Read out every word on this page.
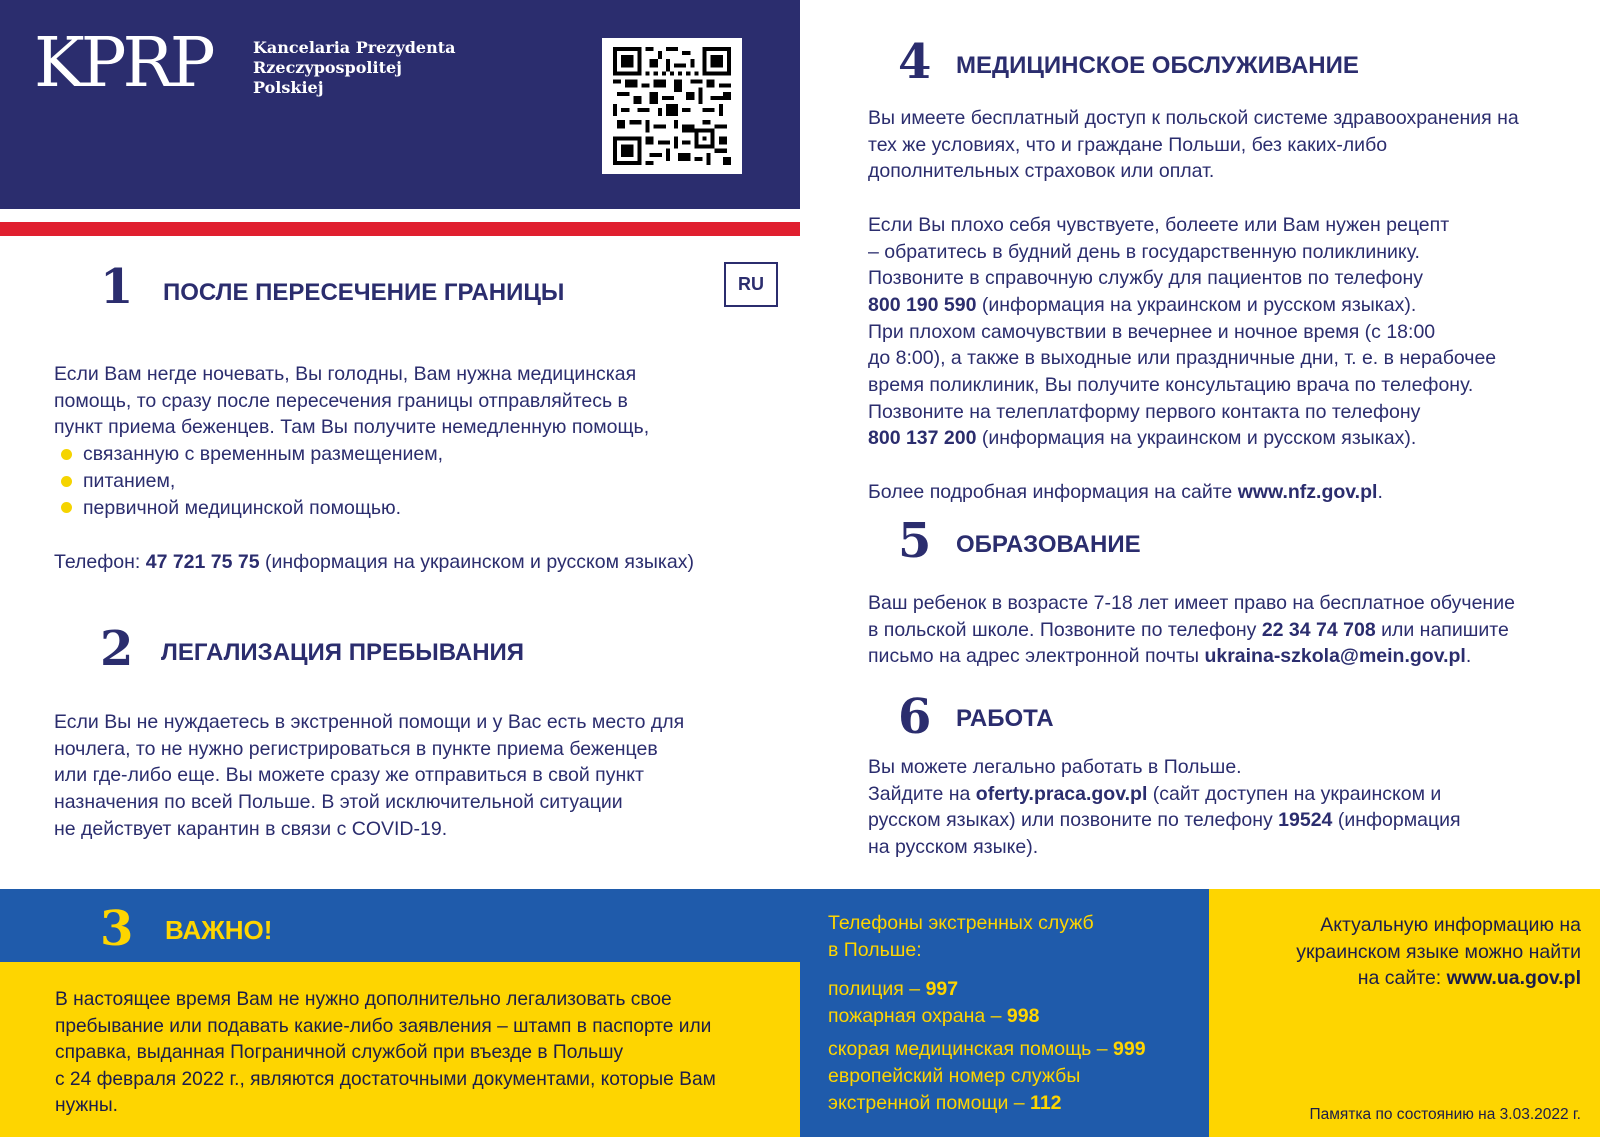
KPRP	Kancelaria Prezydenta
Rzeczypospolitej
Polskiej
1 ПОСЛЕ ПЕРЕСЕЧЕНИЕ ГРАНИЦЫ	RU
Если Вам негде ночевать, Вы голодны, Вам нужна медицинская
помощь, то сразу после пересечения границы отправляйтесь в
пункт приема беженцев. Там Вы получите немедленную помощь,
связанную с временным размещением,
питанием,
первичной медицинской помощью.
Телефон: 47 721 75 75 (информация на украинском и русском языках)
2 ЛЕГАЛИЗАЦИЯ ПРЕБЫВАНИЯ
Если Вы не нуждаетесь в экстренной помощи и у Вас есть место для
ночлега, то не нужно регистрироваться в пункте приема беженцев
или где-либо еще. Вы можете сразу же отправиться в свой пункт
назначения по всей Польше. В этой исключительной ситуации
не действует карантин в связи с COVID-19.
4 МЕДИЦИНСКОЕ ОБСЛУЖИВАНИЕ
Вы имеете бесплатный доступ к польской системе здравоохранения на
тех же условиях, что и граждане Польши, без каких-либо
дополнительных страховок или оплат.

Если Вы плохо себя чувствуете, болеете или Вам нужен рецепт
– обратитесь в будний день в государственную поликлинику.
Позвоните в справочную службу для пациентов по телефону
800 190 590 (информация на украинском и русском языках).
При плохом самочувствии в вечернее и ночное время (с 18:00
до 8:00), а также в выходные или праздничные дни, т. е. в нерабочее
время поликлиник, Вы получите консультацию врача по телефону.
Позвоните на телеплатформу первого контакта по телефону
800 137 200 (информация на украинском и русском языках).

Более подробная информация на сайте www.nfz.gov.pl.
5 ОБРАЗОВАНИЕ
Ваш ребенок в возрасте 7-18 лет имеет право на бесплатное обучение
в польской школе. Позвоните по телефону 22 34 74 708 или напишите
письмо на адрес электронной почты ukraina-szkola@mein.gov.pl.
6 РАБОТА
Вы можете легально работать в Польше.
Зайдите на oferty.praca.gov.pl (сайт доступен на украинском и
русском языках) или позвоните по телефону 19524 (информация
на русском языке).
3 ВАЖНО!
В настоящее время Вам не нужно дополнительно легализовать свое
пребывание или подавать какие-либо заявления – штамп в паспорте или
справка, выданная Пограничной службой при въезде в Польшу
с 24 февраля 2022 г., являются достаточными документами, которые Вам
нужны.
Телефоны экстренных служб
в Польше:
полиция – 997
пожарная охрана – 998
скорая медицинская помощь – 999
европейский номер службы
экстренной помощи – 112
Актуальную информацию на
украинском языке можно найти
на сайте: www.ua.gov.pl
Памятка по состоянию на 3.03.2022 г.
